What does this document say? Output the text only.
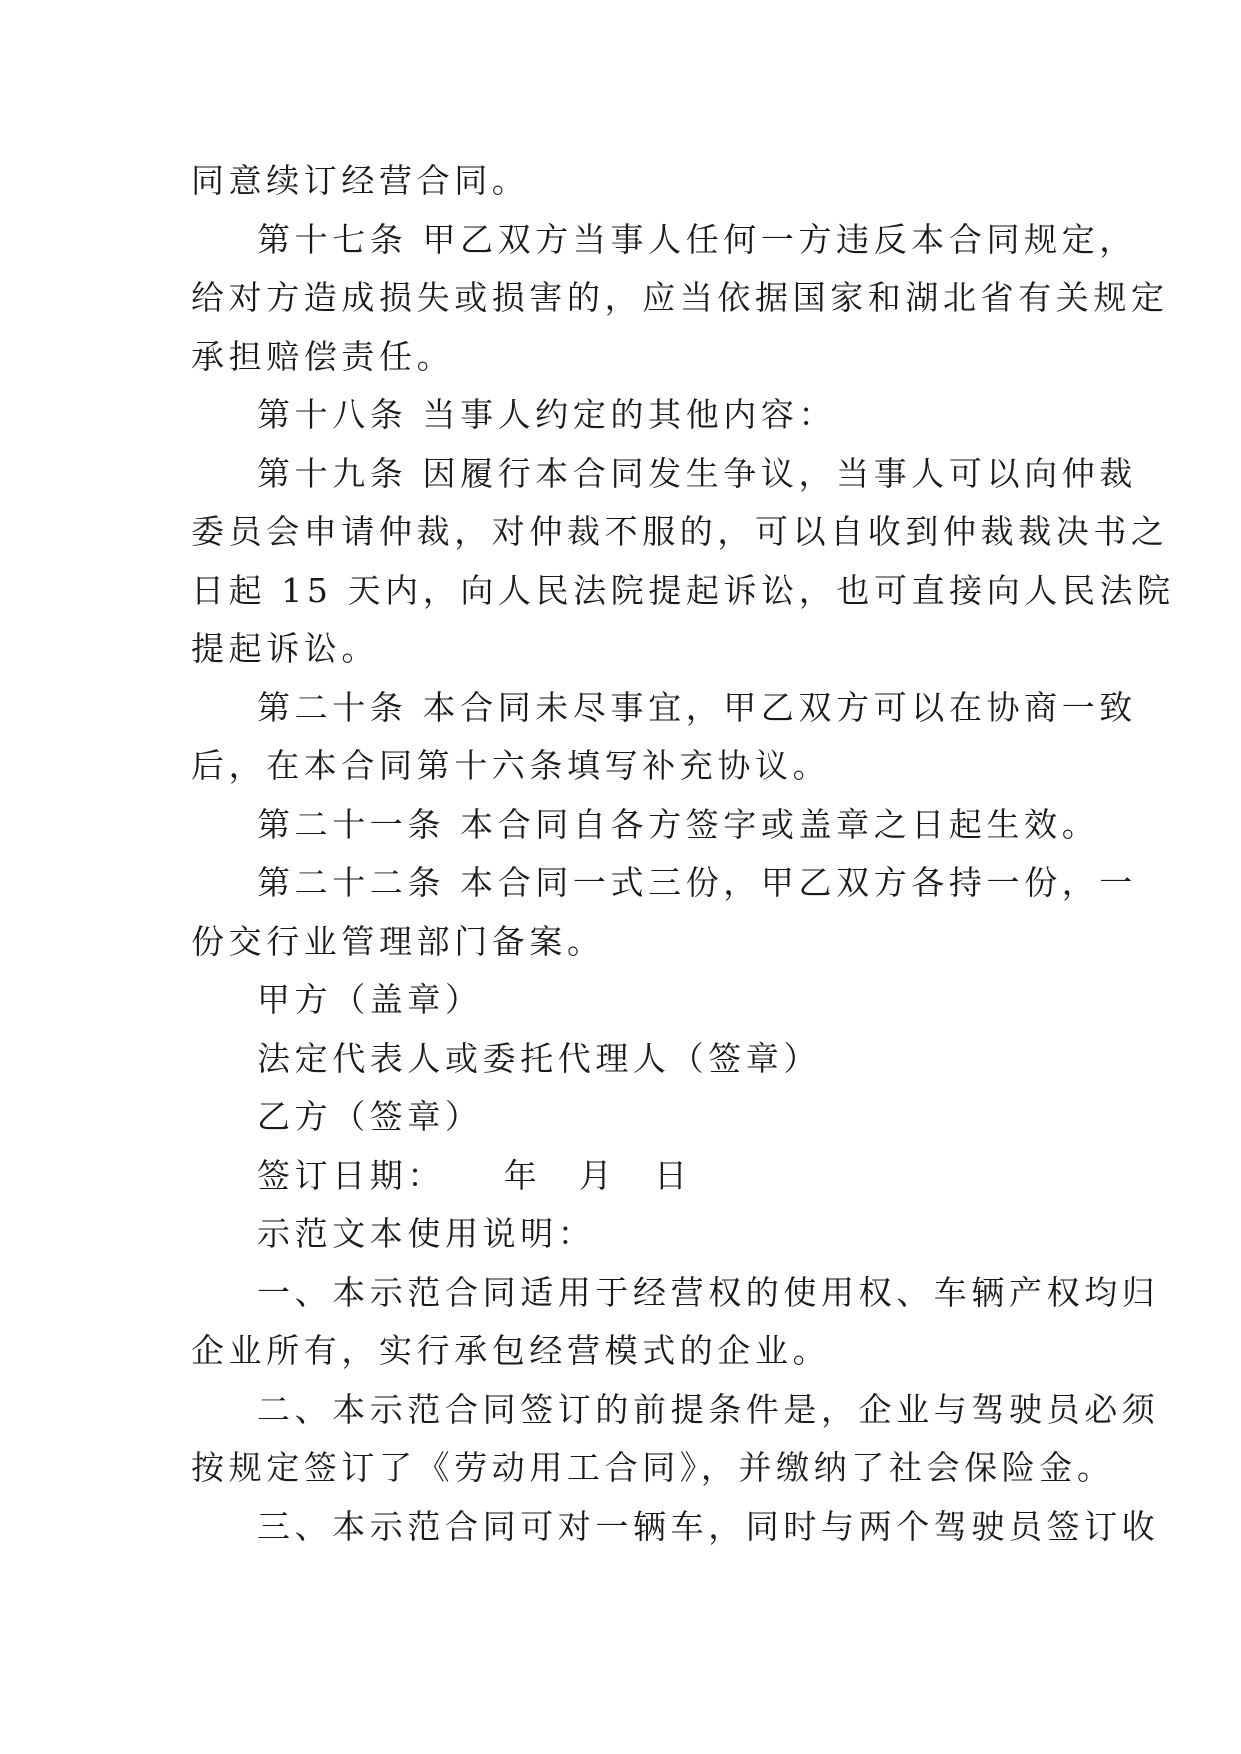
同意续订经营合同。
第十七条 甲乙双方当事人任何一方违反本合同规定，
给对方造成损失或损害的，应当依据国家和湖北省有关规定
承担赔偿责任。
第十八条 当事人约定的其他内容：
第十九条 因履行本合同发生争议，当事人可以向仲裁
委员会申请仲裁，对仲裁不服的，可以自收到仲裁裁决书之
日起 15 天内，向人民法院提起诉讼，也可直接向人民法院
提起诉讼。
第二十条 本合同未尽事宜，甲乙双方可以在协商一致
后，在本合同第十六条填写补充协议。
第二十一条 本合同自各方签字或盖章之日起生效。
第二十二条 本合同一式三份，甲乙双方各持一份，一
份交行业管理部门备案。
甲方（盖章）
法定代表人或委托代理人（签章）
乙方（签章）
签订日期：　　年　月　日
示范文本使用说明：
一、本示范合同适用于经营权的使用权、车辆产权均归
企业所有，实行承包经营模式的企业。
二、本示范合同签订的前提条件是，企业与驾驶员必须
按规定签订了《劳动用工合同》，并缴纳了社会保险金。
三、本示范合同可对一辆车，同时与两个驾驶员签订收
